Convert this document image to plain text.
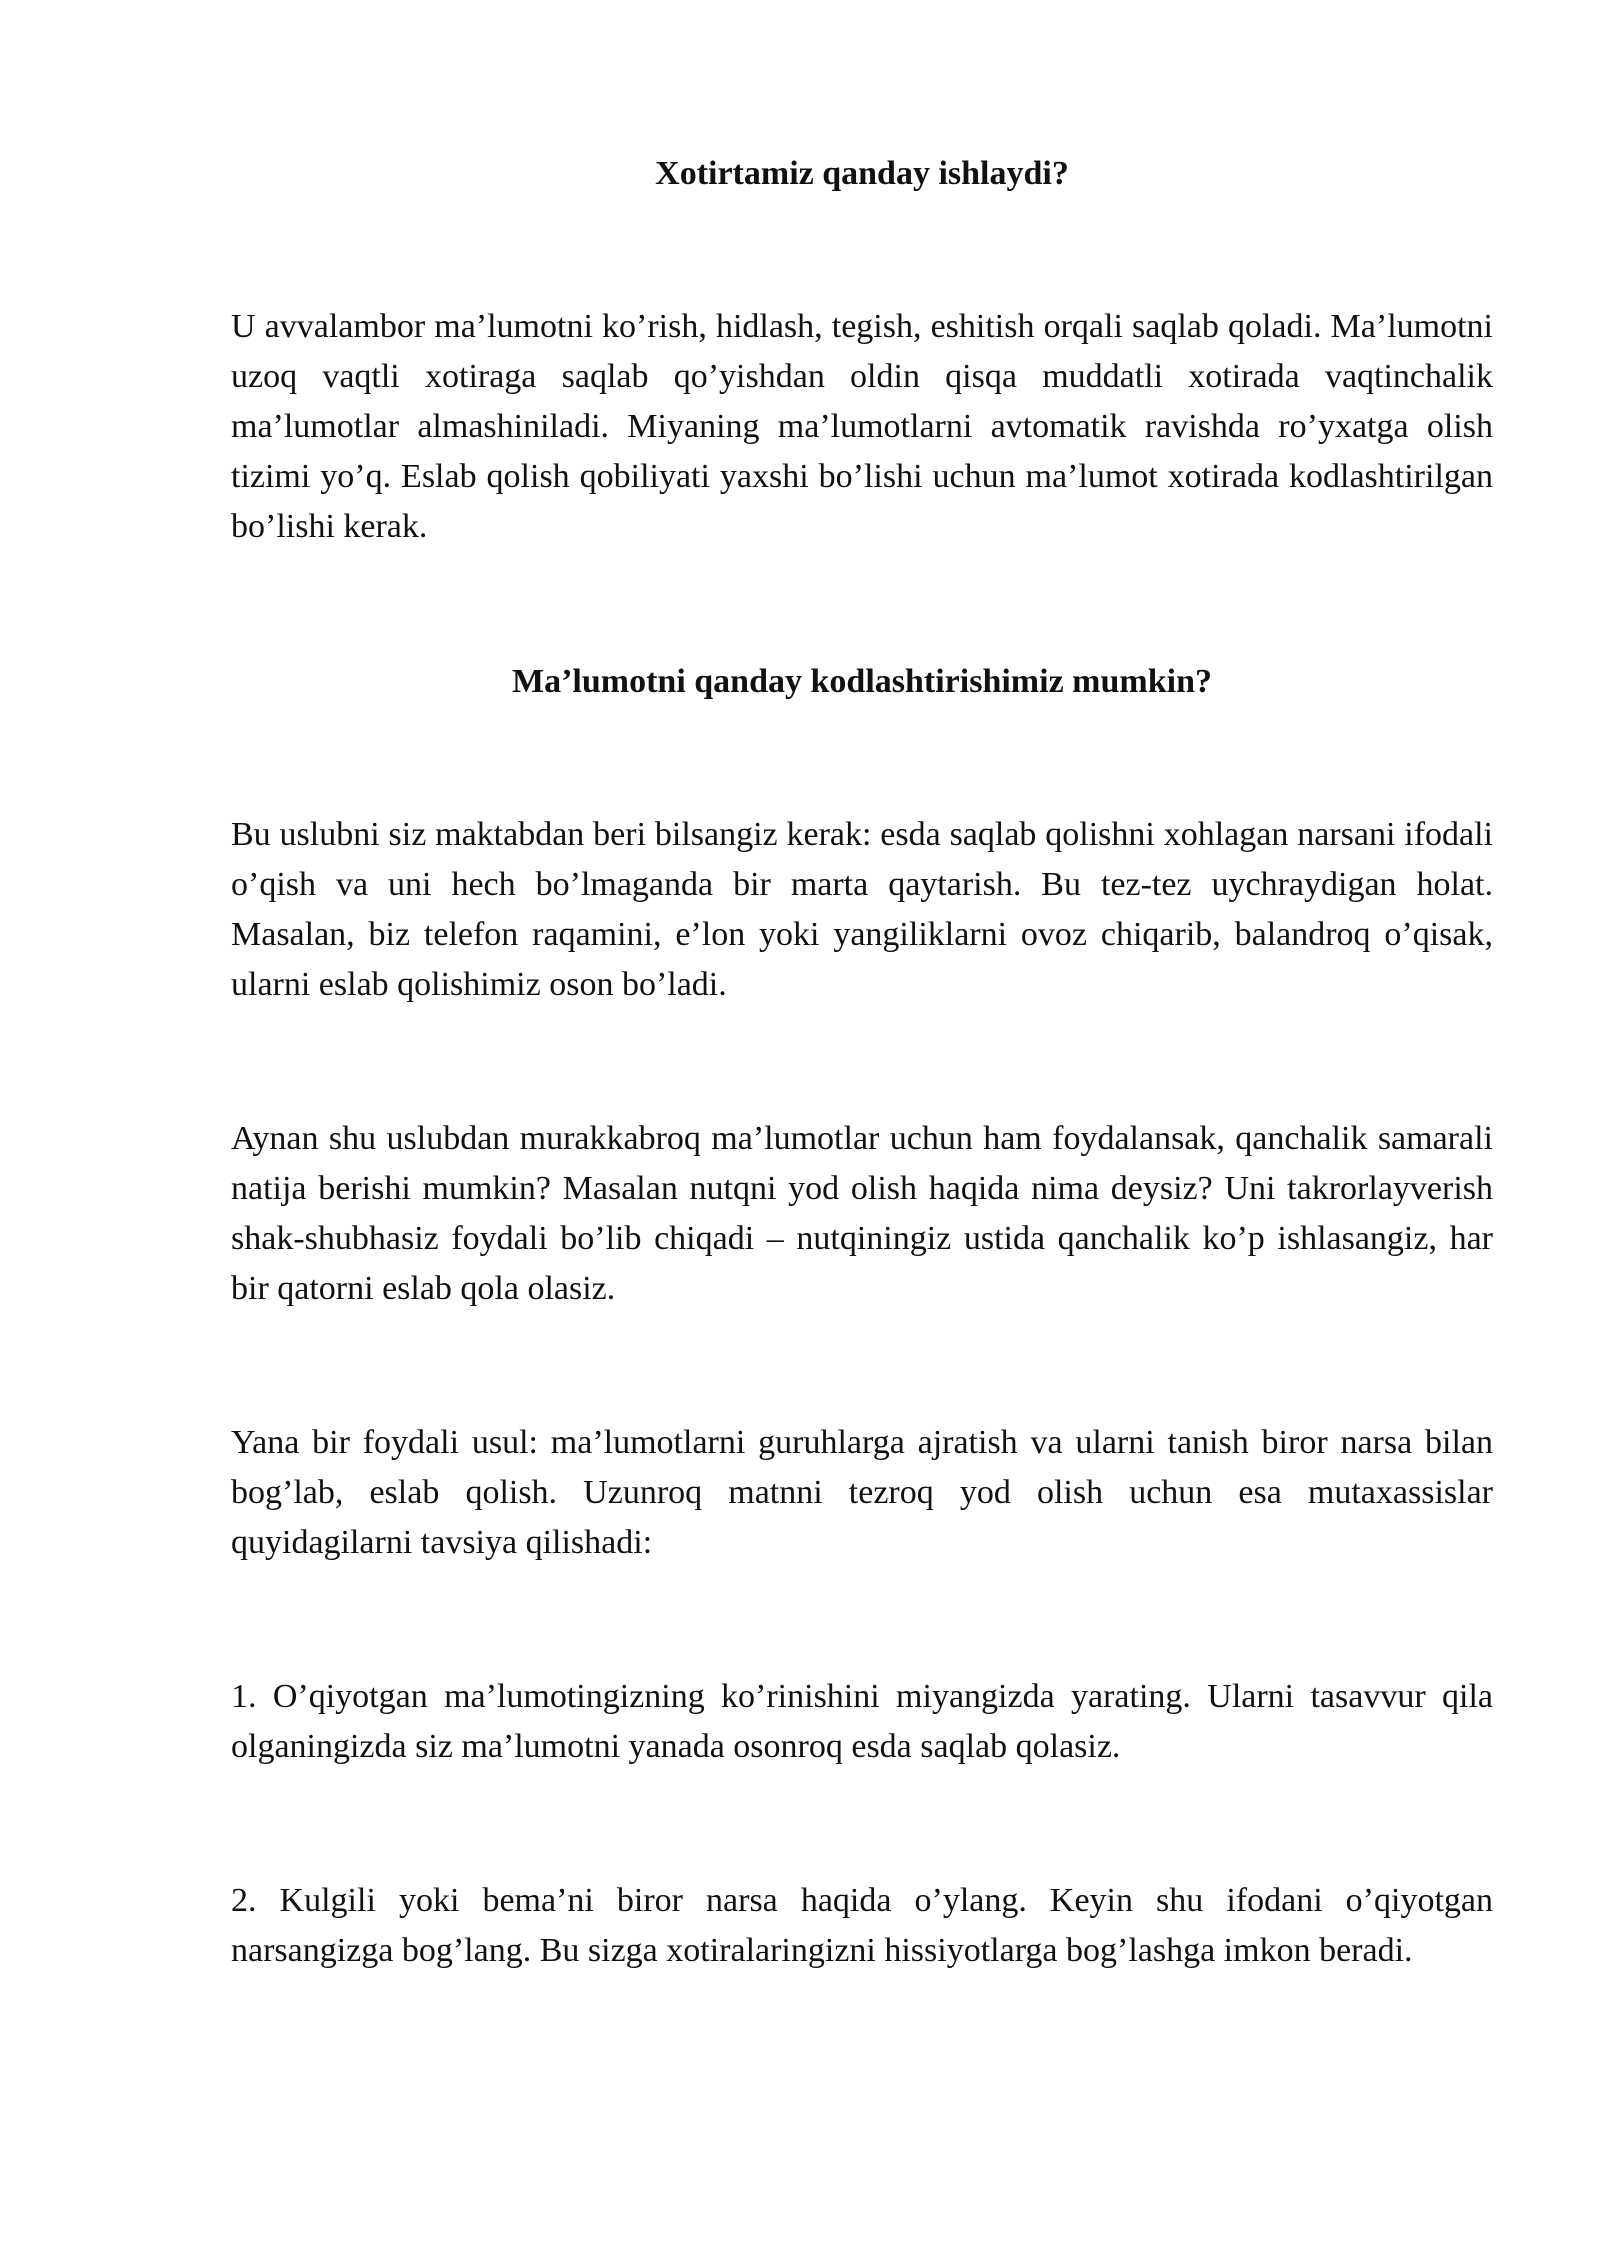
Xotirtamiz qanday ishlaydi?

U avvalambor ma’lumotni ko’rish, hidlash, tegish, eshitish orqali saqlab qoladi. Ma’lumotni uzoq vaqtli xotiraga saqlab qo’yishdan oldin qisqa muddatli xotirada vaqtinchalik ma’lumotlar almashiniladi. Miyaning ma’lumotlarni avtomatik ravishda ro’yxatga olish tizimi yo’q. Eslab qolish qobiliyati yaxshi bo’lishi uchun ma’lumot xotirada kodlashtirilgan bo’lishi kerak.

Ma’lumotni qanday kodlashtirishimiz mumkin?

Bu uslubni siz maktabdan beri bilsangiz kerak: esda saqlab qolishni xohlagan narsani ifodali o’qish va uni hech bo’lmaganda bir marta qaytarish. Bu tez-tez uychraydigan holat. Masalan, biz telefon raqamini, e’lon yoki yangiliklarni ovoz chiqarib, balandroq o’qisak, ularni eslab qolishimiz oson bo’ladi.

Aynan shu uslubdan murakkabroq ma’lumotlar uchun ham foydalansak, qanchalik samarali natija berishi mumkin? Masalan nutqni yod olish haqida nima deysiz? Uni takrorlayverish shak-shubhasiz foydali bo’lib chiqadi – nutqiningiz ustida qanchalik ko’p ishlasangiz, har bir qatorni eslab qola olasiz.

Yana bir foydali usul: ma’lumotlarni guruhlarga ajratish va ularni tanish biror narsa bilan bog’lab, eslab qolish. Uzunroq matnni tezroq yod olish uchun esa mutaxassislar quyidagilarni tavsiya qilishadi:

1. O’qiyotgan ma’lumotingizning ko’rinishini miyangizda yarating. Ularni tasavvur qila olganingizda siz ma’lumotni yanada osonroq esda saqlab qolasiz.

2. Kulgili yoki bema’ni biror narsa haqida o’ylang. Keyin shu ifodani o’qiyotgan narsangizga bog’lang. Bu sizga xotiralaringizni hissiyotlarga bog’lashga imkon beradi.
